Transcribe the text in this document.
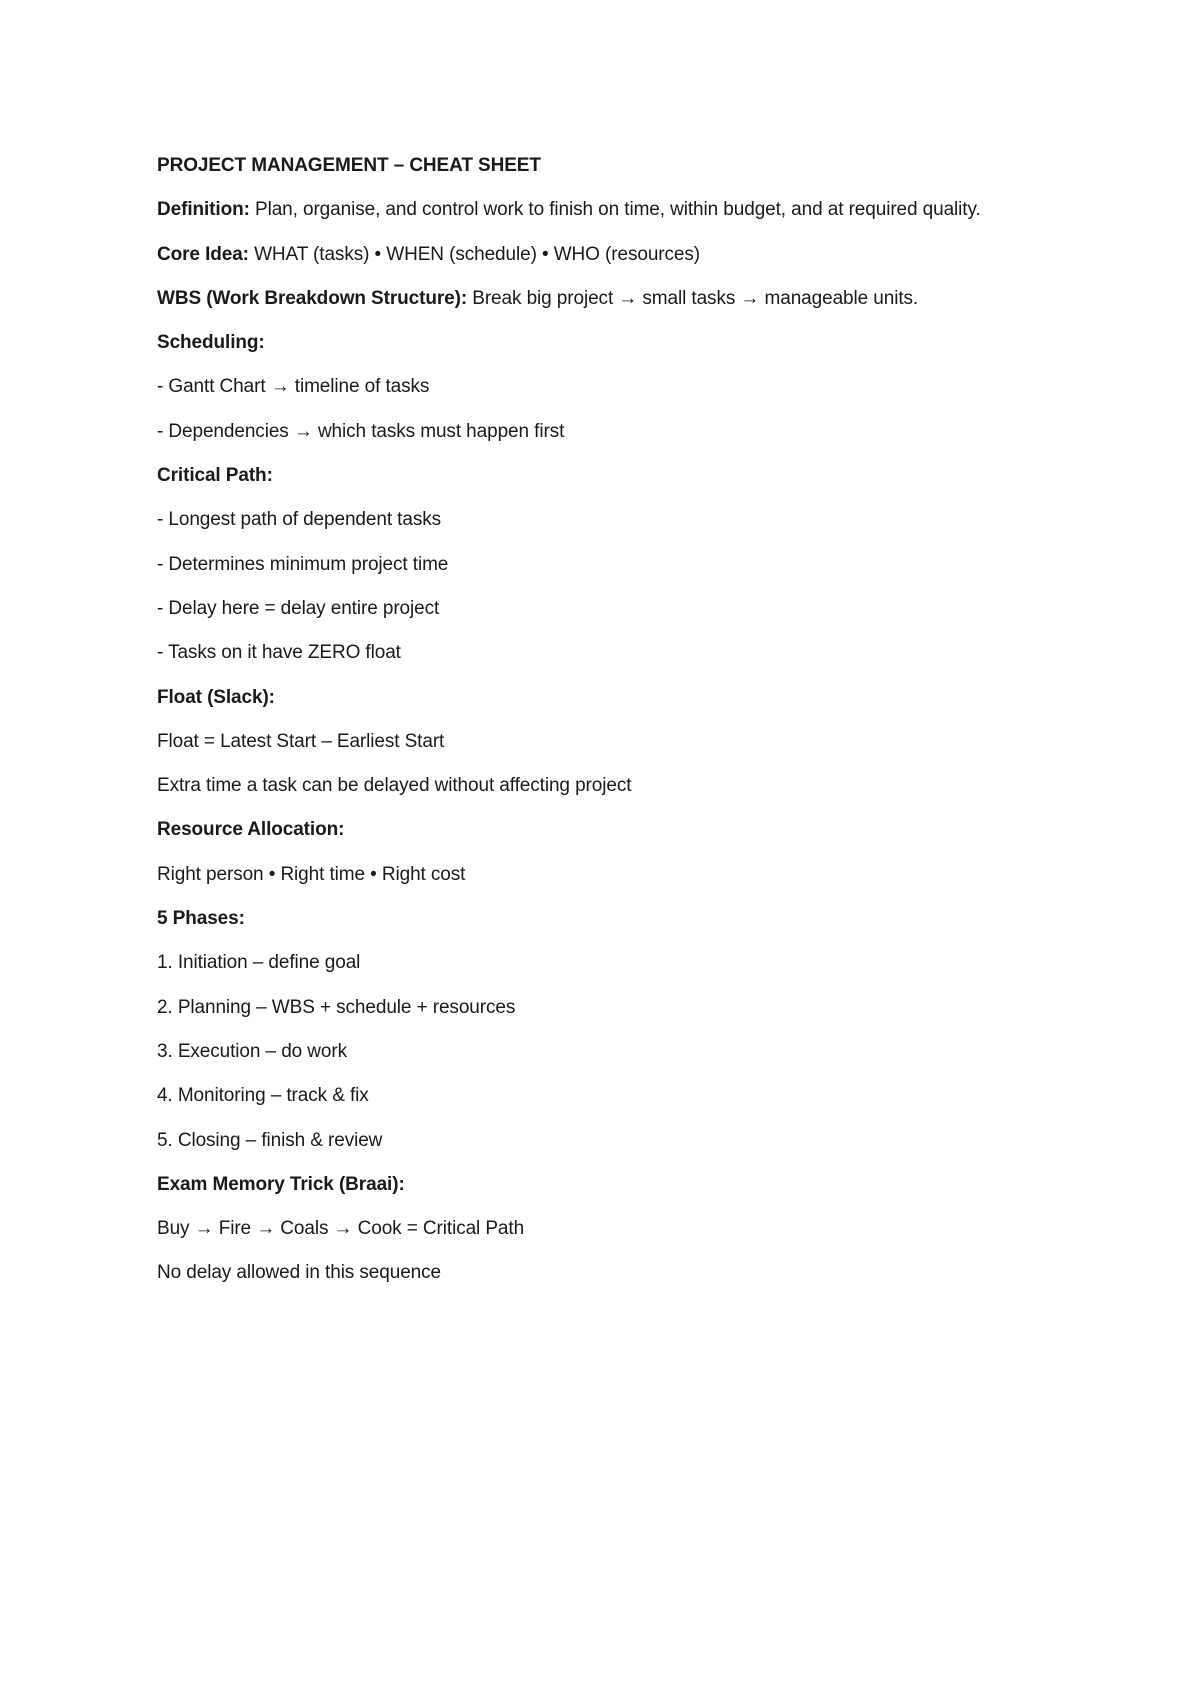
PROJECT MANAGEMENT – CHEAT SHEET
Definition: Plan, organise, and control work to finish on time, within budget, and at required quality.
Core Idea: WHAT (tasks) • WHEN (schedule) • WHO (resources)
WBS (Work Breakdown Structure): Break big project → small tasks → manageable units.
Scheduling:
- Gantt Chart → timeline of tasks
- Dependencies → which tasks must happen first
Critical Path:
- Longest path of dependent tasks
- Determines minimum project time
- Delay here = delay entire project
- Tasks on it have ZERO float
Float (Slack):
Float = Latest Start – Earliest Start
Extra time a task can be delayed without affecting project
Resource Allocation:
Right person • Right time • Right cost
5 Phases:
1. Initiation – define goal
2. Planning – WBS + schedule + resources
3. Execution – do work
4. Monitoring – track & fix
5. Closing – finish & review
Exam Memory Trick (Braai):
Buy → Fire → Coals → Cook = Critical Path
No delay allowed in this sequence
